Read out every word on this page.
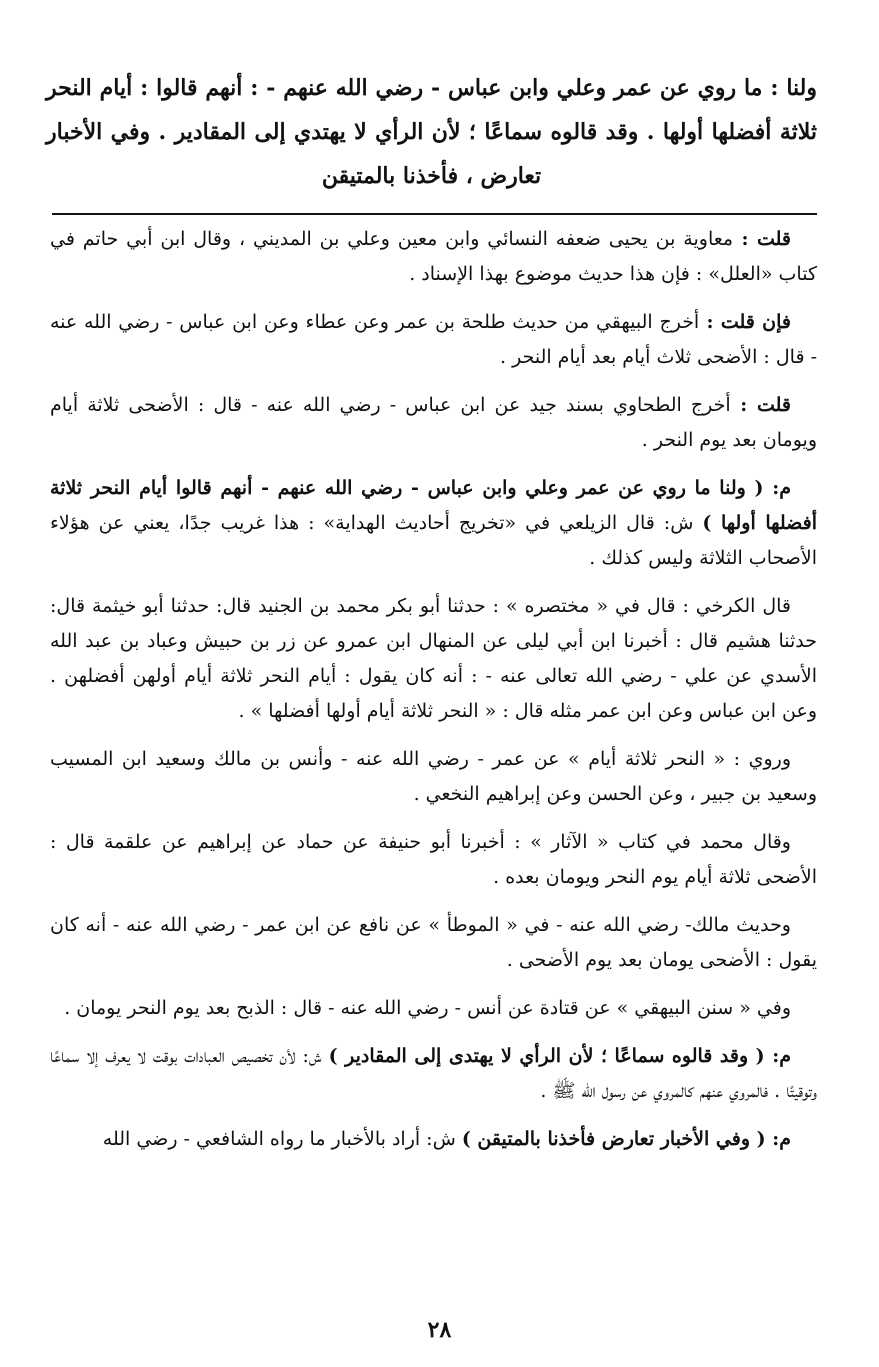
ولنا : ما روي عن عمر وعلي وابن عباس - رضي الله عنهم - : أنهم قالوا : أيام النحر ثلاثة أفضلها أولها . وقد قالوه سماعًا ؛ لأن الرأي لا يهتدي إلى المقادير . وفي الأخبار تعارض ، فأخذنا بالمتيقن

قلت : معاوية بن يحيى ضعفه النسائي وابن معين وعلي بن المديني ، وقال ابن أبي حاتم في كتاب «العلل» : فإن هذا حديث موضوع بهذا الإسناد .

فإن قلت : أخرج البيهقي من حديث طلحة بن عمر وعن عطاء وعن ابن عباس - رضي الله عنه - قال : الأضحى ثلاث أيام بعد أيام النحر .

قلت : أخرج الطحاوي بسند جيد عن ابن عباس - رضي الله عنه - قال : الأضحى ثلاثة أيام ويومان بعد يوم النحر .

م: ( ولنا ما روي عن عمر وعلي وابن عباس - رضي الله عنهم - أنهم قالوا أيام النحر ثلاثة أفضلها أولها ) ش: قال الزيلعي في «تخريج أحاديث الهداية» : هذا غريب جدًا، يعني عن هؤلاء الأصحاب الثلاثة وليس كذلك .

قال الكرخي : قال في « مختصره » : حدثنا أبو بكر محمد بن الجنيد قال: حدثنا أبو خيثمة قال: حدثنا هشيم قال : أخبرنا ابن أبي ليلى عن المنهال ابن عمرو عن زر بن حبيش وعباد بن عبد الله الأسدي عن علي - رضي الله تعالى عنه - : أنه كان يقول : أيام النحر ثلاثة أيام أولهن أفضلهن . وعن ابن عباس وعن ابن عمر مثله قال : « النحر ثلاثة أيام أولها أفضلها » .

وروي : « النحر ثلاثة أيام » عن عمر - رضي الله عنه - وأنس بن مالك وسعيد ابن المسيب وسعيد بن جبير ، وعن الحسن وعن إبراهيم النخعي .

وقال محمد في كتاب « الآثار » : أخبرنا أبو حنيفة عن حماد عن إبراهيم عن علقمة قال : الأضحى ثلاثة أيام يوم النحر ويومان بعده .

وحديث مالك- رضي الله عنه - في « الموطأ » عن نافع عن ابن عمر - رضي الله عنه - أنه كان يقول : الأضحى يومان بعد يوم الأضحى .

وفي « سنن البيهقي » عن قتادة عن أنس - رضي الله عنه - قال : الذبح بعد يوم النحر يومان .

م: ( وقد قالوه سماعًا ؛ لأن الرأي لا يهتدى إلى المقادير ) ش: لأن تخصيص العبادات بوقت لا يعرف إلا سماعًا وتوقيتًا . فالمروي عنهم كالمروي عن رسول الله ﷺ .

م: ( وفي الأخبار تعارض فأخذنا بالمتيقن ) ش: أراد بالأخبار ما رواه الشافعي - رضي الله

٢٨
